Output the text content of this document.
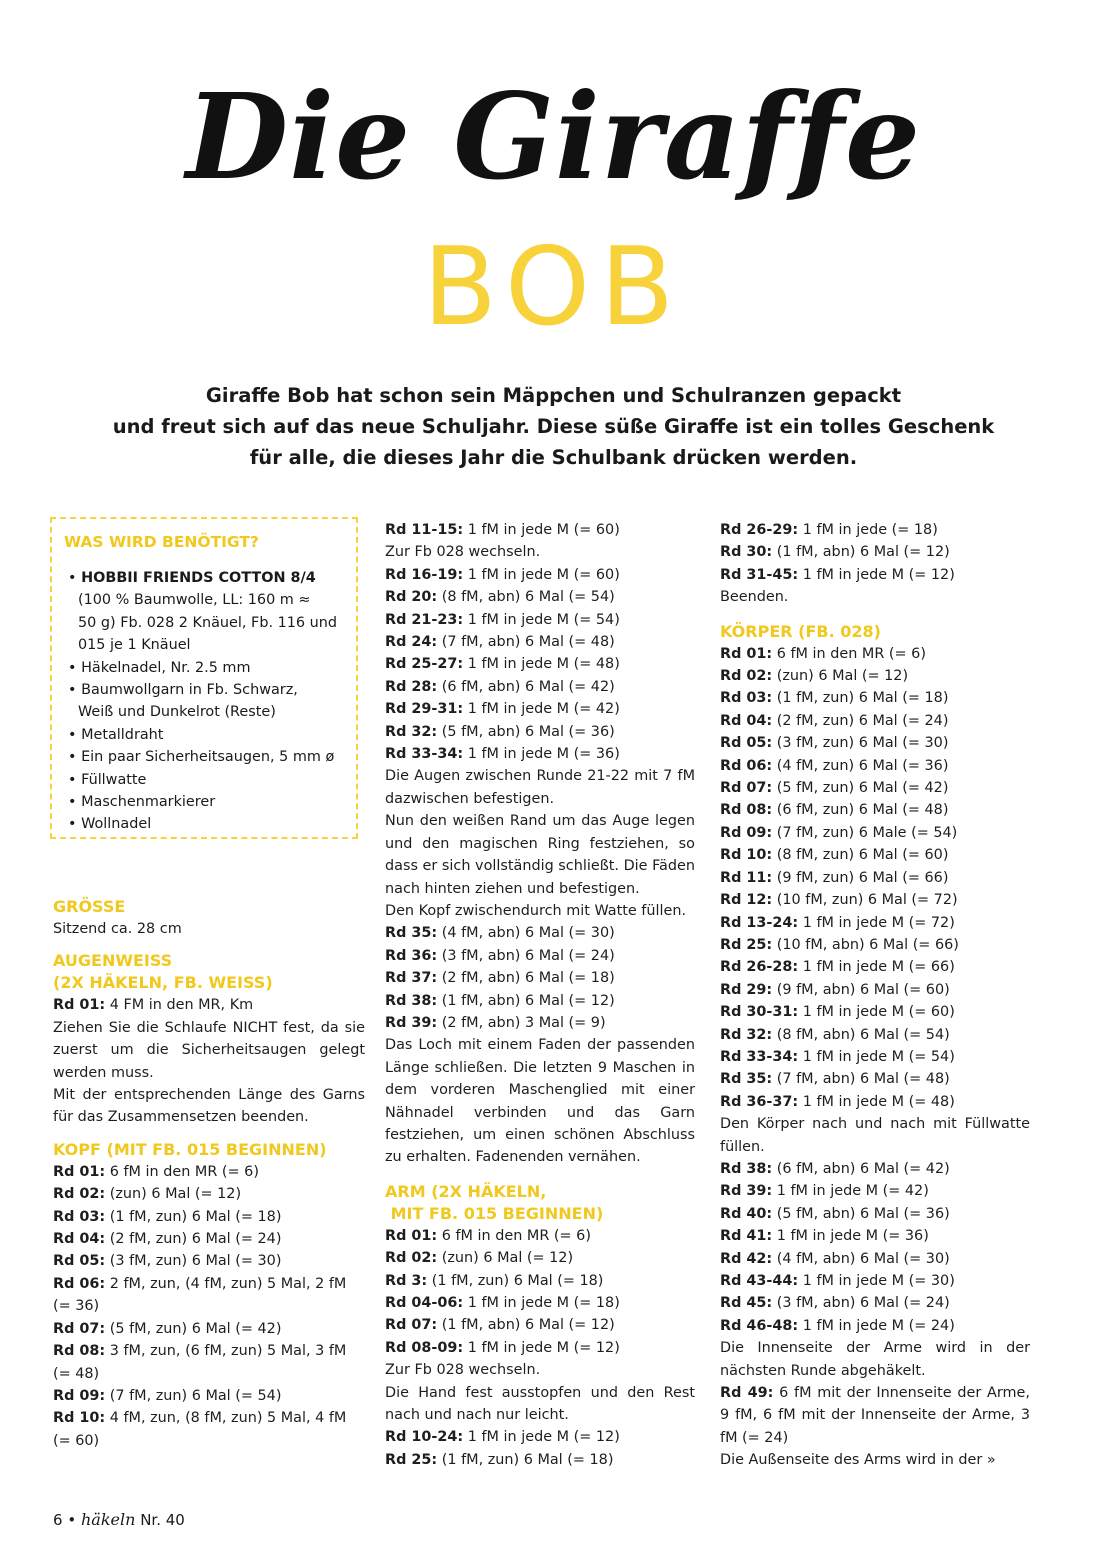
Die Giraffe
BOB
Giraffe Bob hat schon sein Mäppchen und Schulranzen gepackt
und freut sich auf das neue Schuljahr. Diese süße Giraffe ist ein tolles Geschenk
für alle, die dieses Jahr die Schulbank drücken werden.
WAS WIRD BENÖTIGT?
• HOBBII FRIENDS COTTON 8/4
(100 % Baumwolle, LL: 160 m ≈
50 g) Fb. 028 2 Knäuel, Fb. 116 und
015 je 1 Knäuel
• Häkelnadel, Nr. 2.5 mm
• Baumwollgarn in Fb. Schwarz,
Weiß und Dunkelrot (Reste)
• Metalldraht
• Ein paar Sicherheitsaugen, 5 mm ø
• Füllwatte
• Maschenmarkierer
• Wollnadel
GRÖSSE
Sitzend ca. 28 cm
AUGENWEISS
(2X HÄKELN, FB. WEISS)
Rd 01: 4 FM in den MR, Km
Ziehen Sie die Schlaufe NICHT fest, da sie zuerst um die Sicherheitsaugen gelegt werden muss.
Mit der entsprechenden Länge des Garns für das Zusammensetzen beenden.
KOPF (MIT FB. 015 BEGINNEN)
Rd 01: 6 fM in den MR (= 6)
Rd 02: (zun) 6 Mal (= 12)
Rd 03: (1 fM, zun) 6 Mal (= 18)
Rd 04: (2 fM, zun) 6 Mal (= 24)
Rd 05: (3 fM, zun) 6 Mal (= 30)
Rd 06: 2 fM, zun, (4 fM, zun) 5 Mal, 2 fM (= 36)
Rd 07: (5 fM, zun) 6 Mal (= 42)
Rd 08: 3 fM, zun, (6 fM, zun) 5 Mal, 3 fM (= 48)
Rd 09: (7 fM, zun) 6 Mal (= 54)
Rd 10: 4 fM, zun, (8 fM, zun) 5 Mal, 4 fM (= 60)
Rd 11-15: 1 fM in jede M (= 60)
Zur Fb 028 wechseln.
Rd 16-19: 1 fM in jede M (= 60)
Rd 20: (8 fM, abn) 6 Mal (= 54)
Rd 21-23: 1 fM in jede M (= 54)
Rd 24: (7 fM, abn) 6 Mal (= 48)
Rd 25-27: 1 fM in jede M (= 48)
Rd 28: (6 fM, abn) 6 Mal (= 42)
Rd 29-31: 1 fM in jede M (= 42)
Rd 32: (5 fM, abn) 6 Mal (= 36)
Rd 33-34: 1 fM in jede M (= 36)
Die Augen zwischen Runde 21-22 mit 7 fM dazwischen befestigen.
Nun den weißen Rand um das Auge legen und den magischen Ring festziehen, so dass er sich vollständig schließt. Die Fäden nach hinten ziehen und befestigen.
Den Kopf zwischendurch mit Watte füllen.
Rd 35: (4 fM, abn) 6 Mal (= 30)
Rd 36: (3 fM, abn) 6 Mal (= 24)
Rd 37: (2 fM, abn) 6 Mal (= 18)
Rd 38: (1 fM, abn) 6 Mal (= 12)
Rd 39: (2 fM, abn) 3 Mal (= 9)
Das Loch mit einem Faden der passenden Länge schließen. Die letzten 9 Maschen in dem vorderen Maschenglied mit einer Nähnadel verbinden und das Garn festziehen, um einen schönen Abschluss zu erhalten. Fadenenden vernähen.
ARM (2X HÄKELN,
MIT FB. 015 BEGINNEN)
Rd 01: 6 fM in den MR (= 6)
Rd 02: (zun) 6 Mal (= 12)
Rd 3: (1 fM, zun) 6 Mal (= 18)
Rd 04-06: 1 fM in jede M (= 18)
Rd 07: (1 fM, abn) 6 Mal (= 12)
Rd 08-09: 1 fM in jede M (= 12)
Zur Fb 028 wechseln.
Die Hand fest ausstopfen und den Rest nach und nach nur leicht.
Rd 10-24: 1 fM in jede M (= 12)
Rd 25: (1 fM, zun) 6 Mal (= 18)
Rd 26-29: 1 fM in jede (= 18)
Rd 30: (1 fM, abn) 6 Mal (= 12)
Rd 31-45: 1 fM in jede M (= 12)
Beenden.
KÖRPER (FB. 028)
Rd 01: 6 fM in den MR (= 6)
Rd 02: (zun) 6 Mal (= 12)
Rd 03: (1 fM, zun) 6 Mal (= 18)
Rd 04: (2 fM, zun) 6 Mal (= 24)
Rd 05: (3 fM, zun) 6 Mal (= 30)
Rd 06: (4 fM, zun) 6 Mal (= 36)
Rd 07: (5 fM, zun) 6 Mal (= 42)
Rd 08: (6 fM, zun) 6 Mal (= 48)
Rd 09: (7 fM, zun) 6 Male (= 54)
Rd 10: (8 fM, zun) 6 Mal (= 60)
Rd 11: (9 fM, zun) 6 Mal (= 66)
Rd 12: (10 fM, zun) 6 Mal (= 72)
Rd 13-24: 1 fM in jede M (= 72)
Rd 25: (10 fM, abn) 6 Mal (= 66)
Rd 26-28: 1 fM in jede M (= 66)
Rd 29: (9 fM, abn) 6 Mal (= 60)
Rd 30-31: 1 fM in jede M (= 60)
Rd 32: (8 fM, abn) 6 Mal (= 54)
Rd 33-34: 1 fM in jede M (= 54)
Rd 35: (7 fM, abn) 6 Mal (= 48)
Rd 36-37: 1 fM in jede M (= 48)
Den Körper nach und nach mit Füllwatte füllen.
Rd 38: (6 fM, abn) 6 Mal (= 42)
Rd 39: 1 fM in jede M (= 42)
Rd 40: (5 fM, abn) 6 Mal (= 36)
Rd 41: 1 fM in jede M (= 36)
Rd 42: (4 fM, abn) 6 Mal (= 30)
Rd 43-44: 1 fM in jede M (= 30)
Rd 45: (3 fM, abn) 6 Mal (= 24)
Rd 46-48: 1 fM in jede M (= 24)
Die Innenseite der Arme wird in der nächsten Runde abgehäkelt.
Rd 49: 6 fM mit der Innenseite der Arme, 9 fM, 6 fM mit der Innenseite der Arme, 3 fM (= 24)
Die Außenseite des Arms wird in der »
6 • häkeln Nr. 40
